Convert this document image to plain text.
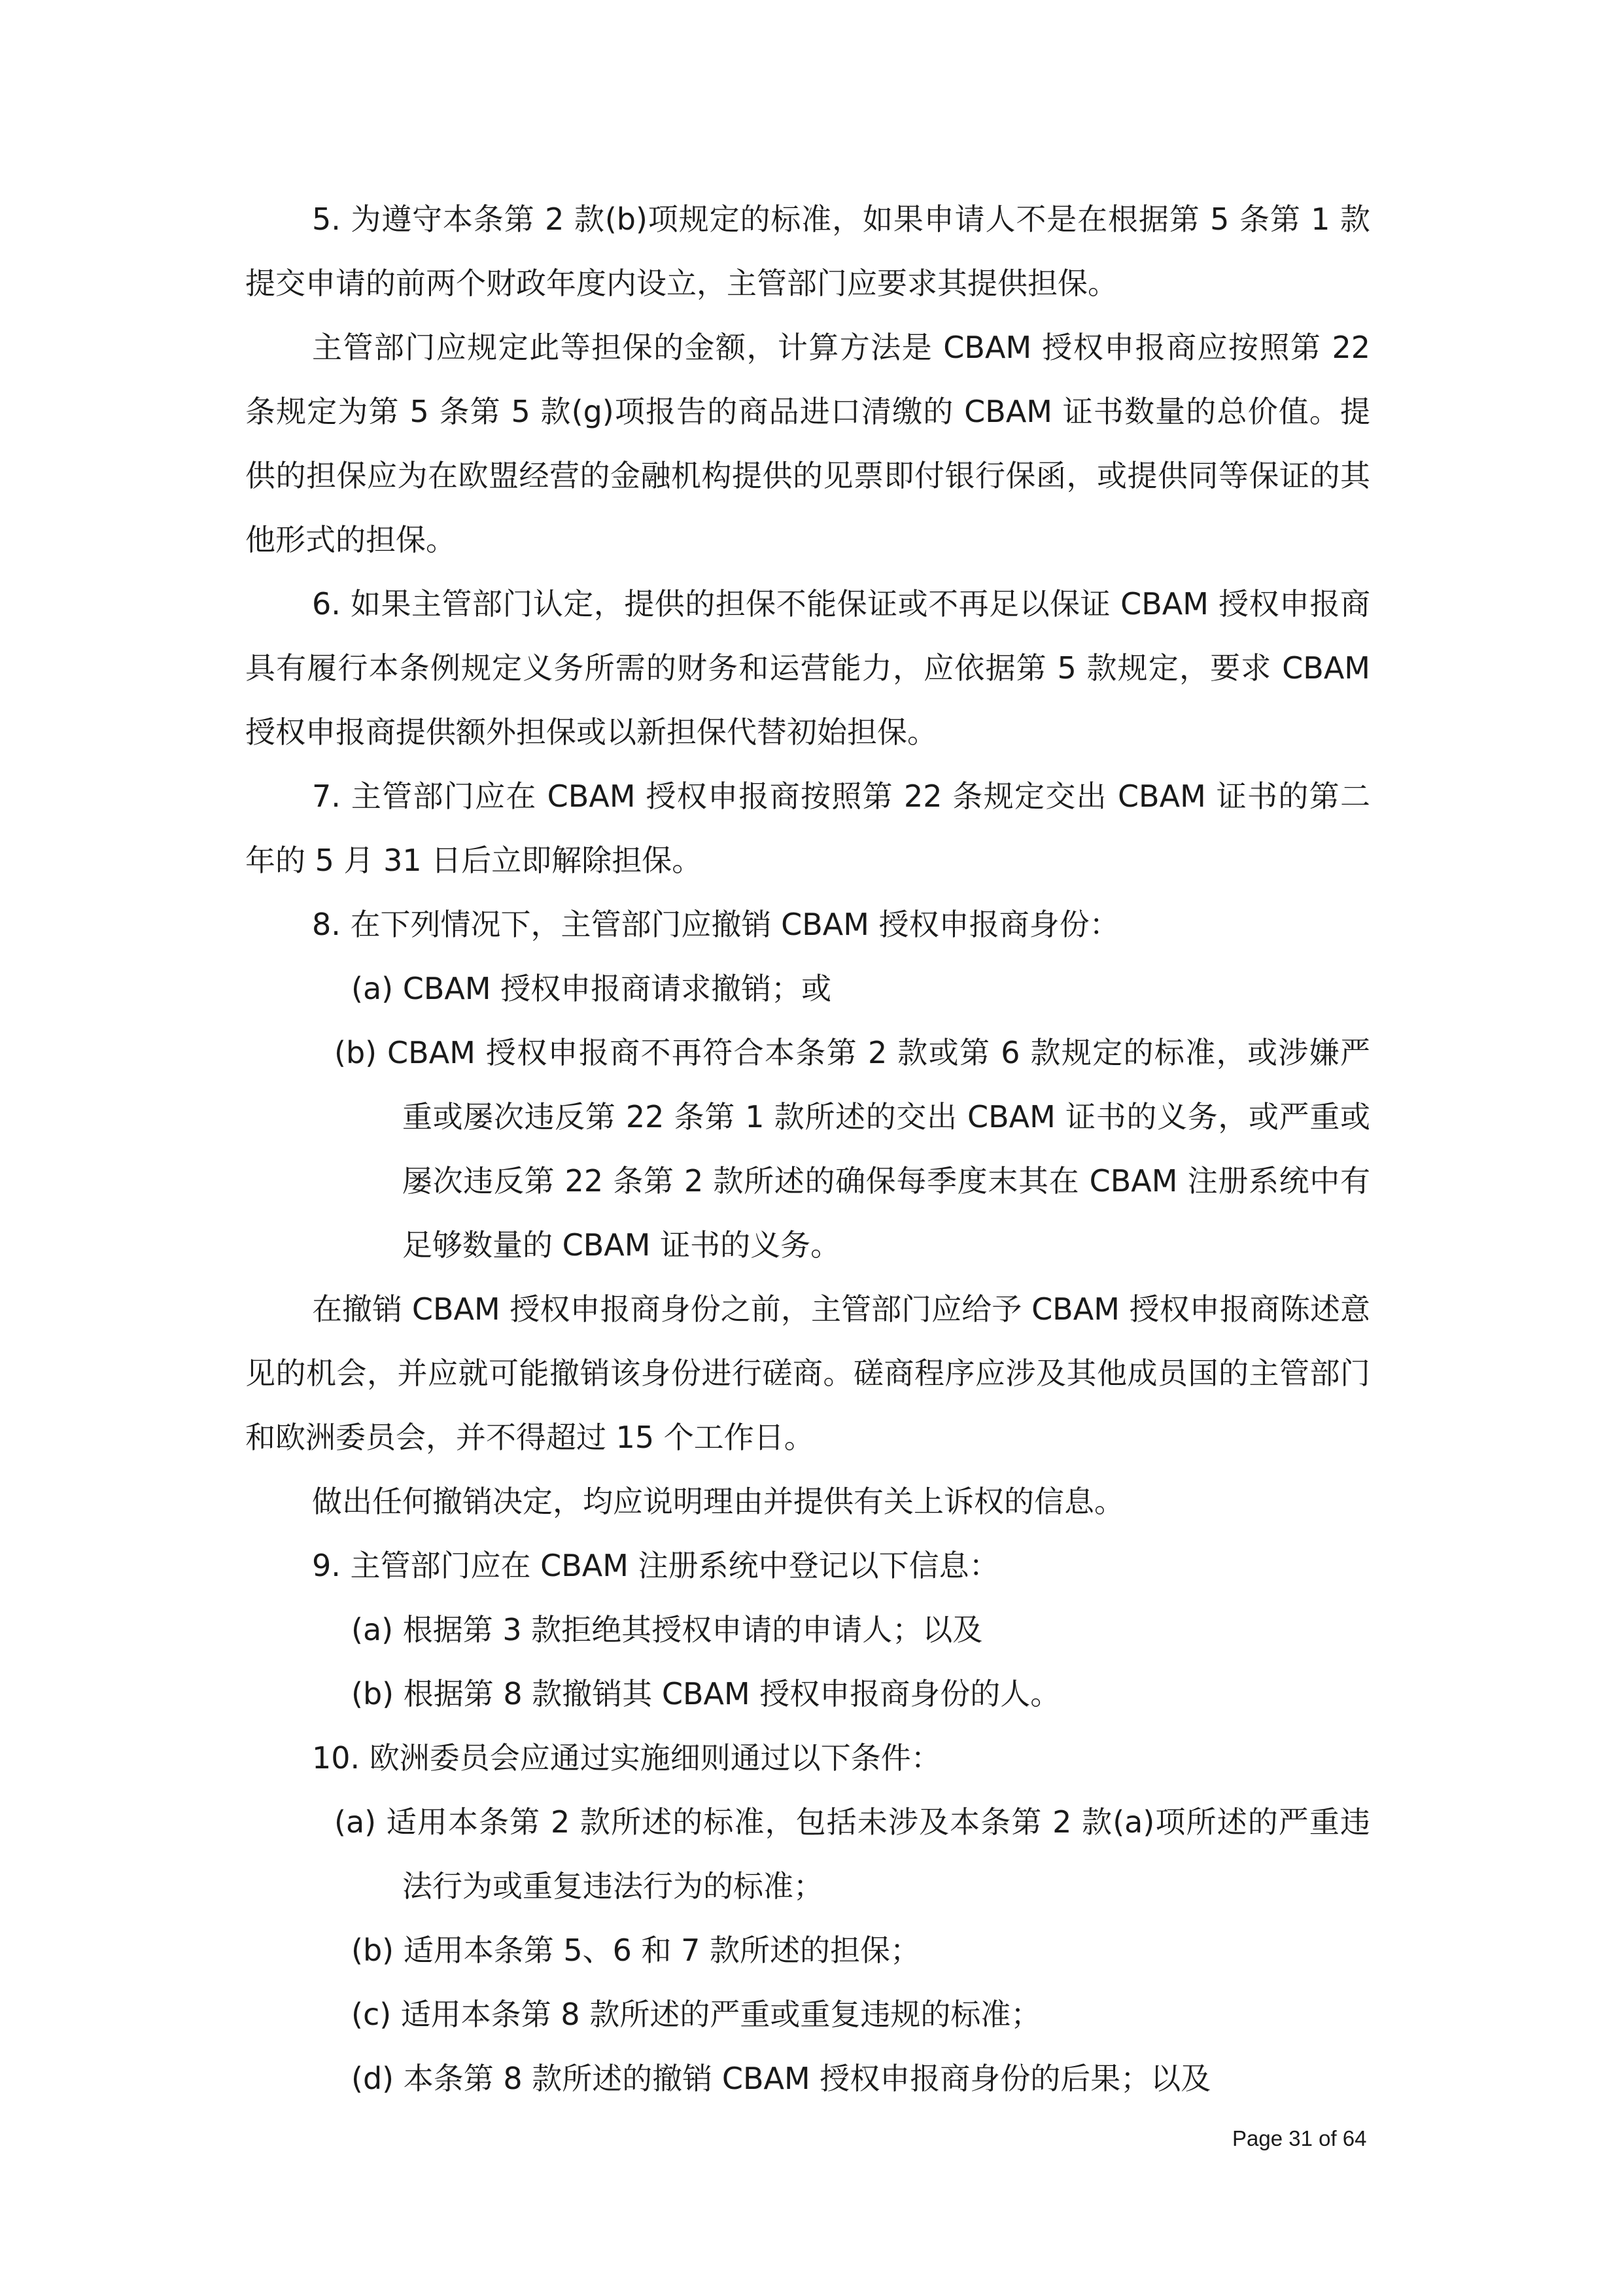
5. 为遵守本条第 2 款(b)项规定的标准，如果申请人不是在根据第 5 条第 1 款提交申请的前两个财政年度内设立，主管部门应要求其提供担保。

主管部门应规定此等担保的金额，计算方法是 CBAM 授权申报商应按照第 22 条规定为第 5 条第 5 款(g)项报告的商品进口清缴的 CBAM 证书数量的总价值。提供的担保应为在欧盟经营的金融机构提供的见票即付银行保函，或提供同等保证的其他形式的担保。

6. 如果主管部门认定，提供的担保不能保证或不再足以保证 CBAM 授权申报商具有履行本条例规定义务所需的财务和运营能力，应依据第 5 款规定，要求 CBAM 授权申报商提供额外担保或以新担保代替初始担保。

7. 主管部门应在 CBAM 授权申报商按照第 22 条规定交出 CBAM 证书的第二年的 5 月 31 日后立即解除担保。

8. 在下列情况下，主管部门应撤销 CBAM 授权申报商身份：

(a) CBAM 授权申报商请求撤销；或

(b) CBAM 授权申报商不再符合本条第 2 款或第 6 款规定的标准，或涉嫌严重或屡次违反第 22 条第 1 款所述的交出 CBAM 证书的义务，或严重或屡次违反第 22 条第 2 款所述的确保每季度末其在 CBAM 注册系统中有足够数量的 CBAM 证书的义务。

在撤销 CBAM 授权申报商身份之前，主管部门应给予 CBAM 授权申报商陈述意见的机会，并应就可能撤销该身份进行磋商。磋商程序应涉及其他成员国的主管部门和欧洲委员会，并不得超过 15 个工作日。

做出任何撤销决定，均应说明理由并提供有关上诉权的信息。

9. 主管部门应在 CBAM 注册系统中登记以下信息：

(a) 根据第 3 款拒绝其授权申请的申请人；以及

(b) 根据第 8 款撤销其 CBAM 授权申报商身份的人。

10. 欧洲委员会应通过实施细则通过以下条件：

(a) 适用本条第 2 款所述的标准，包括未涉及本条第 2 款(a)项所述的严重违法行为或重复违法行为的标准；

(b) 适用本条第 5、6 和 7 款所述的担保；

(c) 适用本条第 8 款所述的严重或重复违规的标准；

(d) 本条第 8 款所述的撤销 CBAM 授权申报商身份的后果；以及

Page 31 of 64
